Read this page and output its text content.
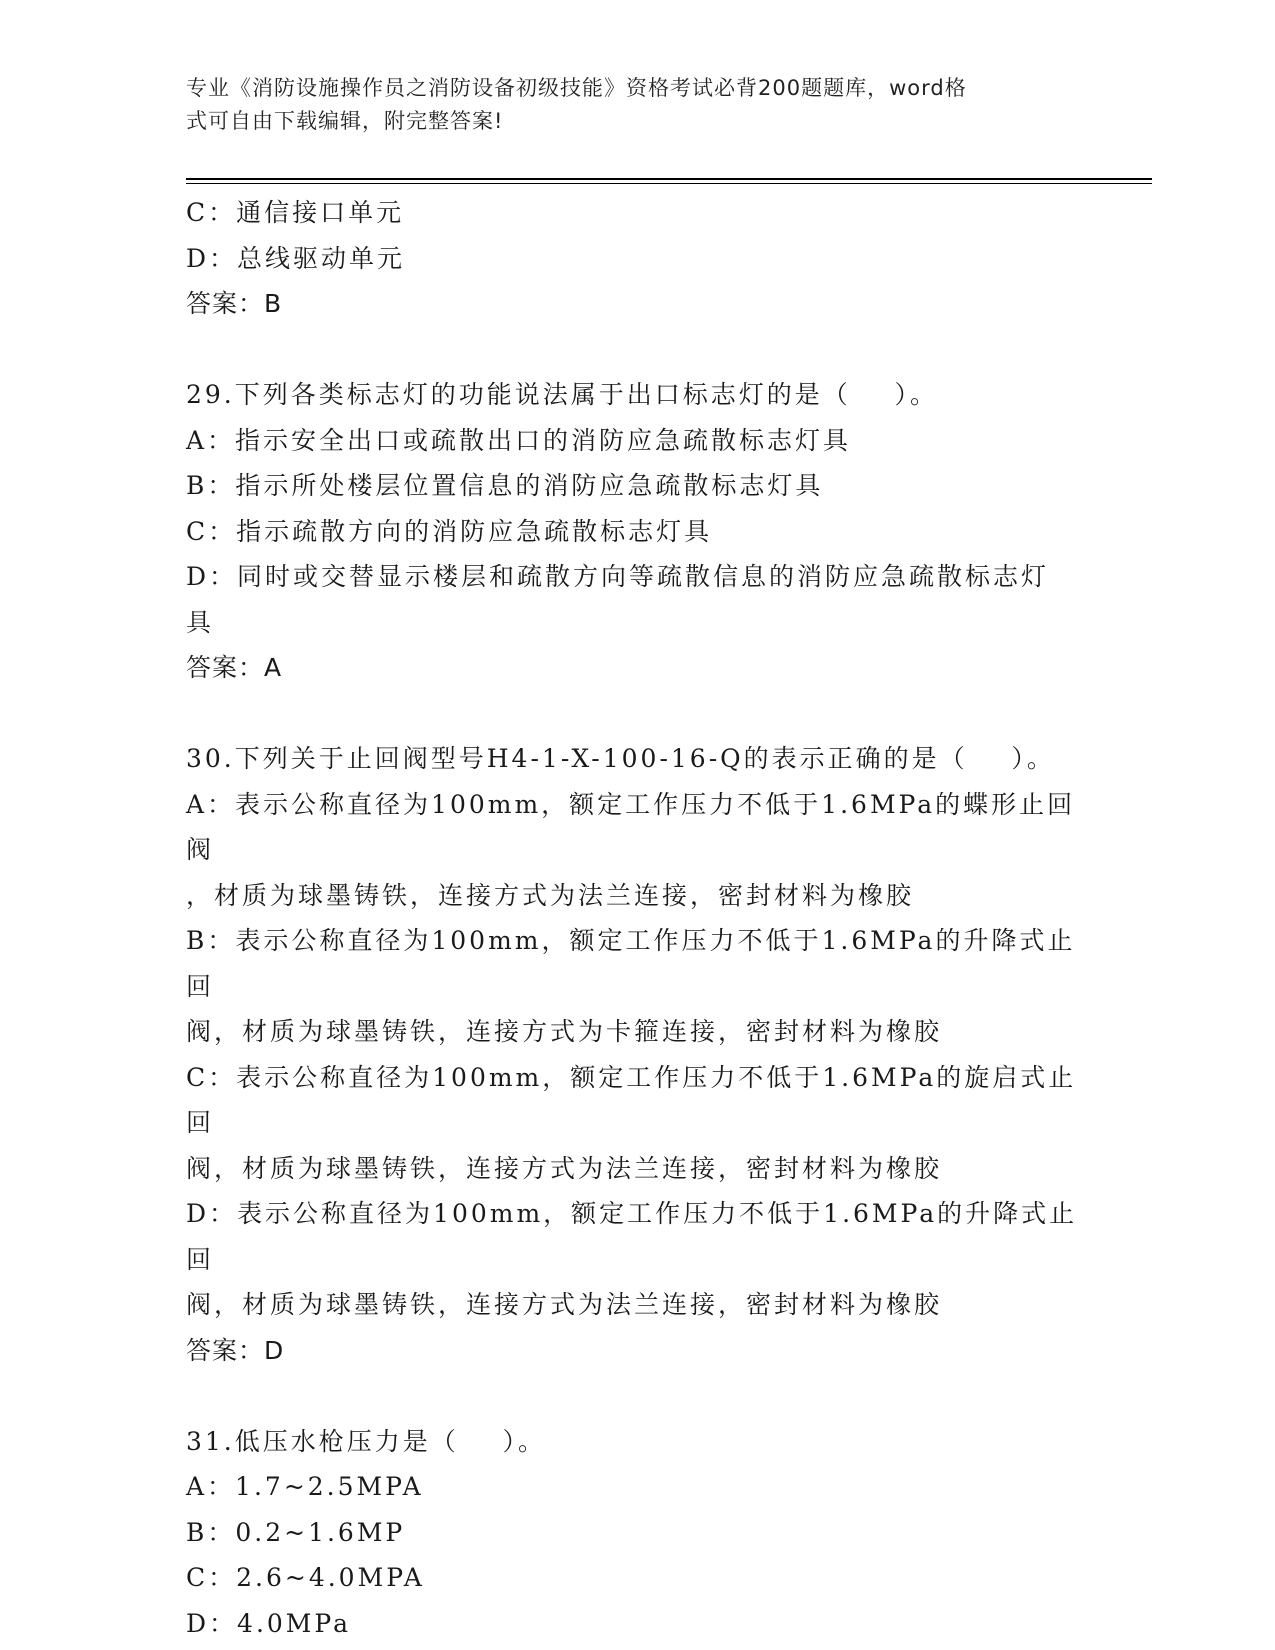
专业《消防设施操作员之消防设备初级技能》资格考试必背200题题库，word格
式可自由下载编辑，附完整答案!
C：通信接口单元
D：总线驱动单元
答案：B
29.下列各类标志灯的功能说法属于出口标志灯的是（    ）。
A：指示安全出口或疏散出口的消防应急疏散标志灯具
B：指示所处楼层位置信息的消防应急疏散标志灯具
C：指示疏散方向的消防应急疏散标志灯具
D：同时或交替显示楼层和疏散方向等疏散信息的消防应急疏散标志灯
具
答案：A
30.下列关于止回阀型号H4-1-X-100-16-Q的表示正确的是（    ）。
A：表示公称直径为100mm，额定工作压力不低于1.6MPa的蝶形止回阀
，材质为球墨铸铁，连接方式为法兰连接，密封材料为橡胶
B：表示公称直径为100mm，额定工作压力不低于1.6MPa的升降式止回
阀，材质为球墨铸铁，连接方式为卡箍连接，密封材料为橡胶
C：表示公称直径为100mm，额定工作压力不低于1.6MPa的旋启式止回
阀，材质为球墨铸铁，连接方式为法兰连接，密封材料为橡胶
D：表示公称直径为100mm，额定工作压力不低于1.6MPa的升降式止回
阀，材质为球墨铸铁，连接方式为法兰连接，密封材料为橡胶
答案：D
31.低压水枪压力是（    ）。
A：1.7~2.5MPA
B：0.2~1.6MP
C：2.6~4.0MPA
D：4.0MPa
